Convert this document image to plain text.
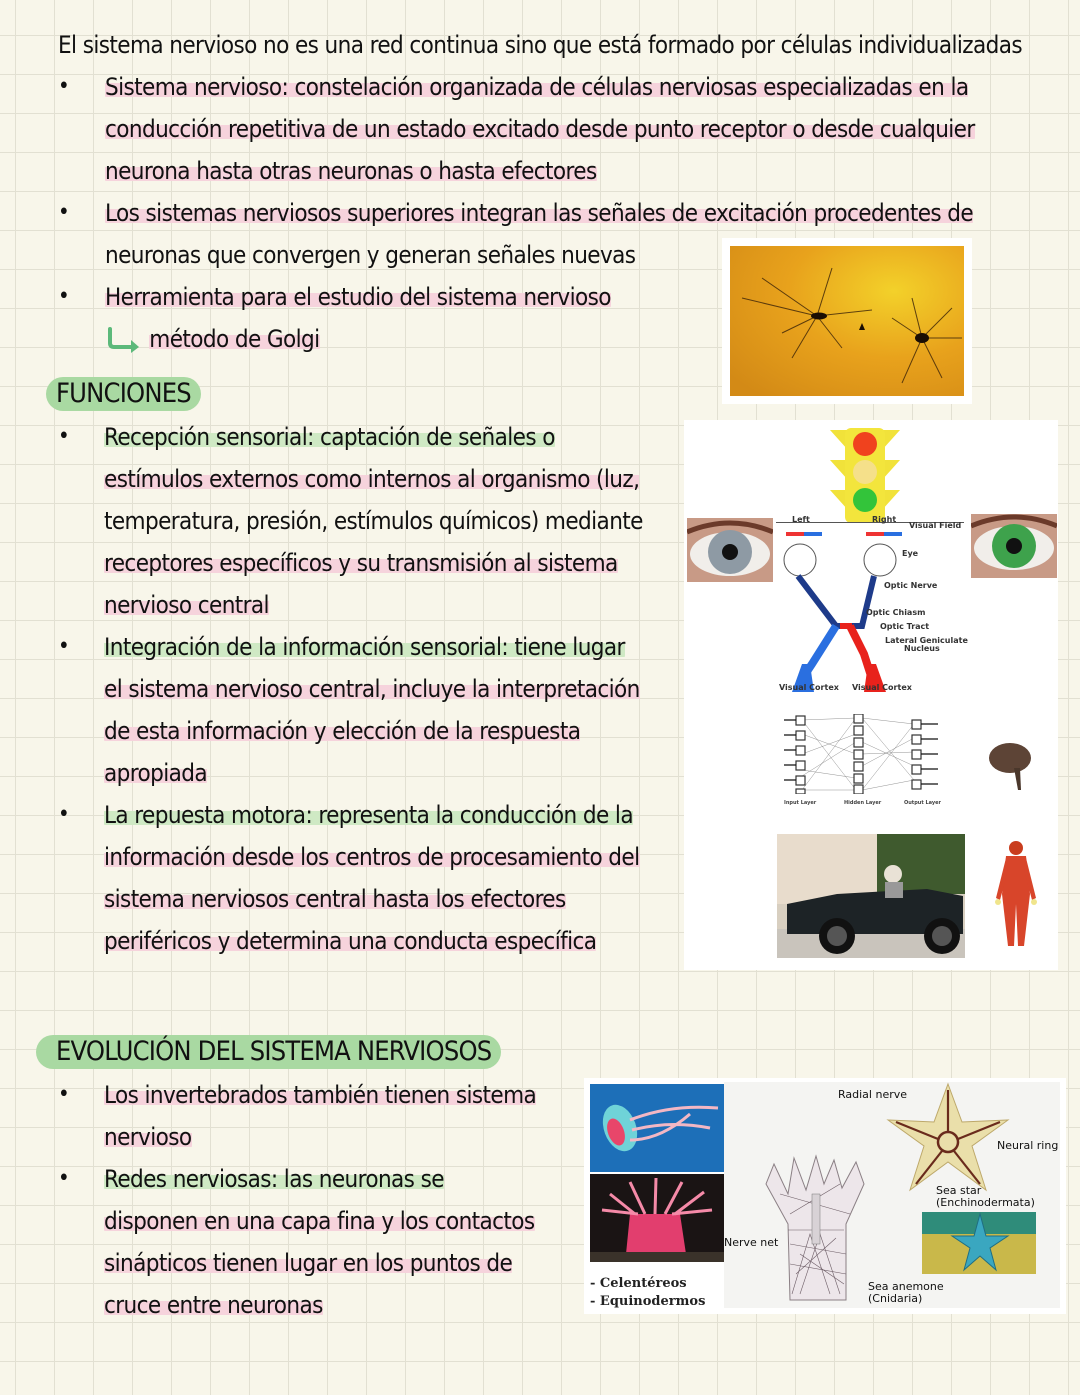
El sistema nervioso no es una red continua sino que está formado por células individualizadas
• Sistema nervioso: constelación organizada de células nerviosas especializadas en la
conducción repetitiva de un estado excitado desde punto receptor o desde cualquier
neurona hasta otras neuronas o hasta efectores
• Los sistemas nerviosos superiores integran las señales de excitación procedentes de
neuronas que convergen y generan señales nuevas
• Herramienta para el estudio del sistema nervioso
método de Golgi
FUNCIONES
• Recepción sensorial: captación de señales o
estímulos externos como internos al organismo (luz,
temperatura, presión, estímulos químicos) mediante
receptores específicos y su transmisión al sistema
nervioso central
• Integración de la información sensorial: tiene lugar
el sistema nervioso central, incluye la interpretación
de esta información y elección de la respuesta
apropiada
• La repuesta motora: representa la conducción de la
información desde los centros de procesamiento del
sistema nerviosos central hasta los efectores
periféricos y determina una conducta específica
Left	Right
Visual Field
Eye
Optic Nerve
Optic Chiasm
Optic Tract
Lateral Geniculate
Nucleus
Visual Cortex Visual Cortex
Input Layer	Hidden Layer	Output Layer
EVOLUCIÓN DEL SISTEMA NERVIOSOS
• Los invertebrados también tienen sistema
nervioso
• Redes nerviosas: las neuronas se
disponen en una capa fina y los contactos
sinápticos tienen lugar en los puntos de
cruce entre neuronas
- Celentéreos
- Equinodermos
Nerve net
Sea anemone
(Cnidaria)
Radial nerve
Neural ring
Sea star
(Enchinodermata)
